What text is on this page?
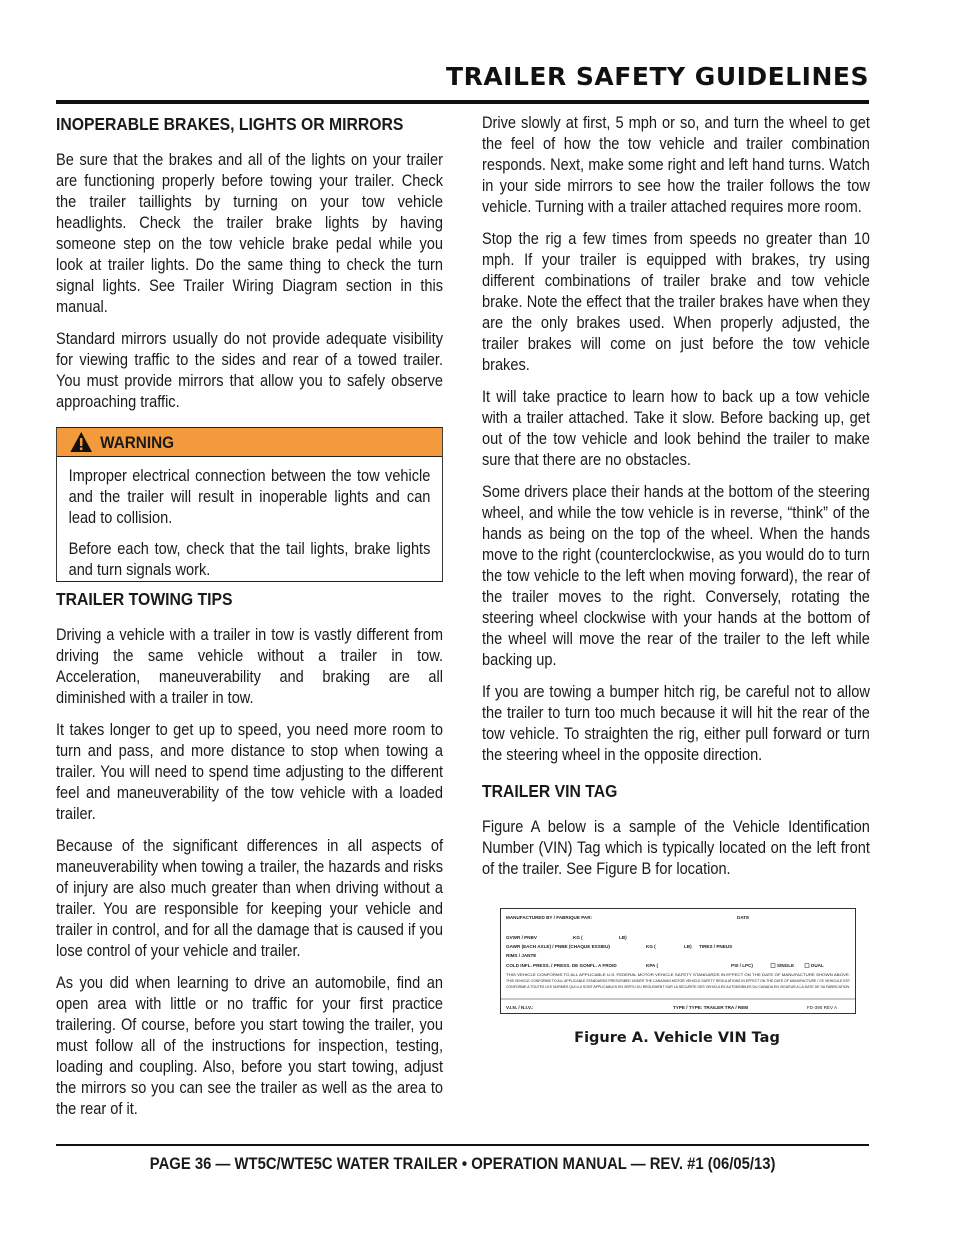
TRAILER SAFETY GUIDELINES
INOPERABLE BRAKES, LIGHTS OR MIRRORS

Be sure that the brakes and all of the lights on your trailer are functioning properly before towing your trailer. Check the trailer taillights by turning on your tow vehicle headlights. Check the trailer brake lights by having someone step on the tow vehicle brake pedal while you look at trailer lights. Do the same thing to check the turn signal lights. See Trailer Wiring Diagram section in this manual.

Standard mirrors usually do not provide adequate visibility for viewing traffic to the sides and rear of a towed trailer. You must provide mirrors that allow you to safely observe approaching traffic.

WARNING

Improper electrical connection between the tow vehicle and the trailer will result in inoperable lights and can lead to collision.

Before each tow, check that the tail lights, brake lights and turn signals work.

TRAILER TOWING TIPS

Driving a vehicle with a trailer in tow is vastly different from driving the same vehicle without a trailer in tow. Acceleration, maneuverability and braking are all diminished with a trailer in tow.

It takes longer to get up to speed, you need more room to turn and pass, and more distance to stop when towing a trailer. You will need to spend time adjusting to the different feel and maneuverability of the tow vehicle with a loaded trailer.

Because of the significant differences in all aspects of maneuverability when towing a trailer, the hazards and risks of injury are also much greater than when driving without a trailer. You are responsible for keeping your vehicle and trailer in control, and for all the damage that is caused if you lose control of your vehicle and trailer.

As you did when learning to drive an automobile, find an open area with little or no traffic for your first practice trailering. Of course, before you start towing the trailer, you must follow all of the instructions for inspection, testing, loading and coupling. Also, before you start towing, adjust the mirrors so you can see the trailer as well as the area to the rear of it.

Drive slowly at first, 5 mph or so, and turn the wheel to get the feel of how the tow vehicle and trailer combination responds. Next, make some right and left hand turns. Watch in your side mirrors to see how the trailer follows the tow vehicle. Turning with a trailer attached requires more room.

Stop the rig a few times from speeds no greater than 10 mph. If your trailer is equipped with brakes, try using different combinations of trailer brake and tow vehicle brake. Note the effect that the trailer brakes have when they are the only brakes used. When properly adjusted, the trailer brakes will come on just before the tow vehicle brakes.

It will take practice to learn how to back up a tow vehicle with a trailer attached. Take it slow. Before backing up, get out of the tow vehicle and look behind the trailer to make sure that there are no obstacles.

Some drivers place their hands at the bottom of the steering wheel, and while the tow vehicle is in reverse, “think” of the hands as being on the top of the wheel. When the hands move to the right (counterclockwise, as you would do to turn the tow vehicle to the left when moving forward), the rear of the trailer moves to the right. Conversely, rotating the steering wheel clockwise with your hands at the bottom of the wheel will move the rear of the trailer to the left while backing up.

If you are towing a bumper hitch rig, be careful not to allow the trailer to turn too much because it will hit the rear of the tow vehicle. To straighten the rig, either pull forward or turn the steering wheel in the opposite direction.

TRAILER VIN TAG

Figure A below is a sample of the Vehicle Identification Number (VIN) Tag which is typically located on the left front of the trailer. See Figure B for location.

MANUFACTURED BY / FABRIQUE PAR:	DATE
GVWR / PNBV	KG (	LB)
GAWR (EACH AXLE) / PNBE (CHAQUE ESSIEU)	KG (	LB) TIRES / PNEUS
RIMS / JANTE
COLD INFL. PRESS. / PRESS. DE GONFL. A FROID	KPA (	PSI / LPC)	SINGLE	DUAL
THIS VEHICLE CONFORMS TO ALL APPLICABLE U.S. FEDERAL MOTOR VEHICLE SAFETY STANDARDS IN EFFECT ON THE DATE OF MANUFACTURE SHOWN ABOVE.
THIS VEHICLE CONFORMS TO ALL APPLICABLE STANDARDS PRESCRIBED UNDER THE CANADIAN MOTOR VEHICLE SAFETY REGULATIONS IN EFFECT ON THE DATE OF MANUFACTURE / CE VEHICULE EST
CONFORME A TOUTES LES NORMES QUI LUI SONT APPLICABLES EN VERTU DU REGLEMENT SUR LA SECURITE DES VEHICULES AUTOMOBILES DU CANADA EN VIGUEUR A LA DATE DE SA FABRICATION.
V.I.N. / N.I.V.:	TYPE / TYPE: TRAILER TRA / REM	FD-390 REV A
Figure A. Vehicle VIN Tag
PAGE 36 — WT5C/WTE5C WATER TRAILER • OPERATION MANUAL — REV. #1 (06/05/13)
